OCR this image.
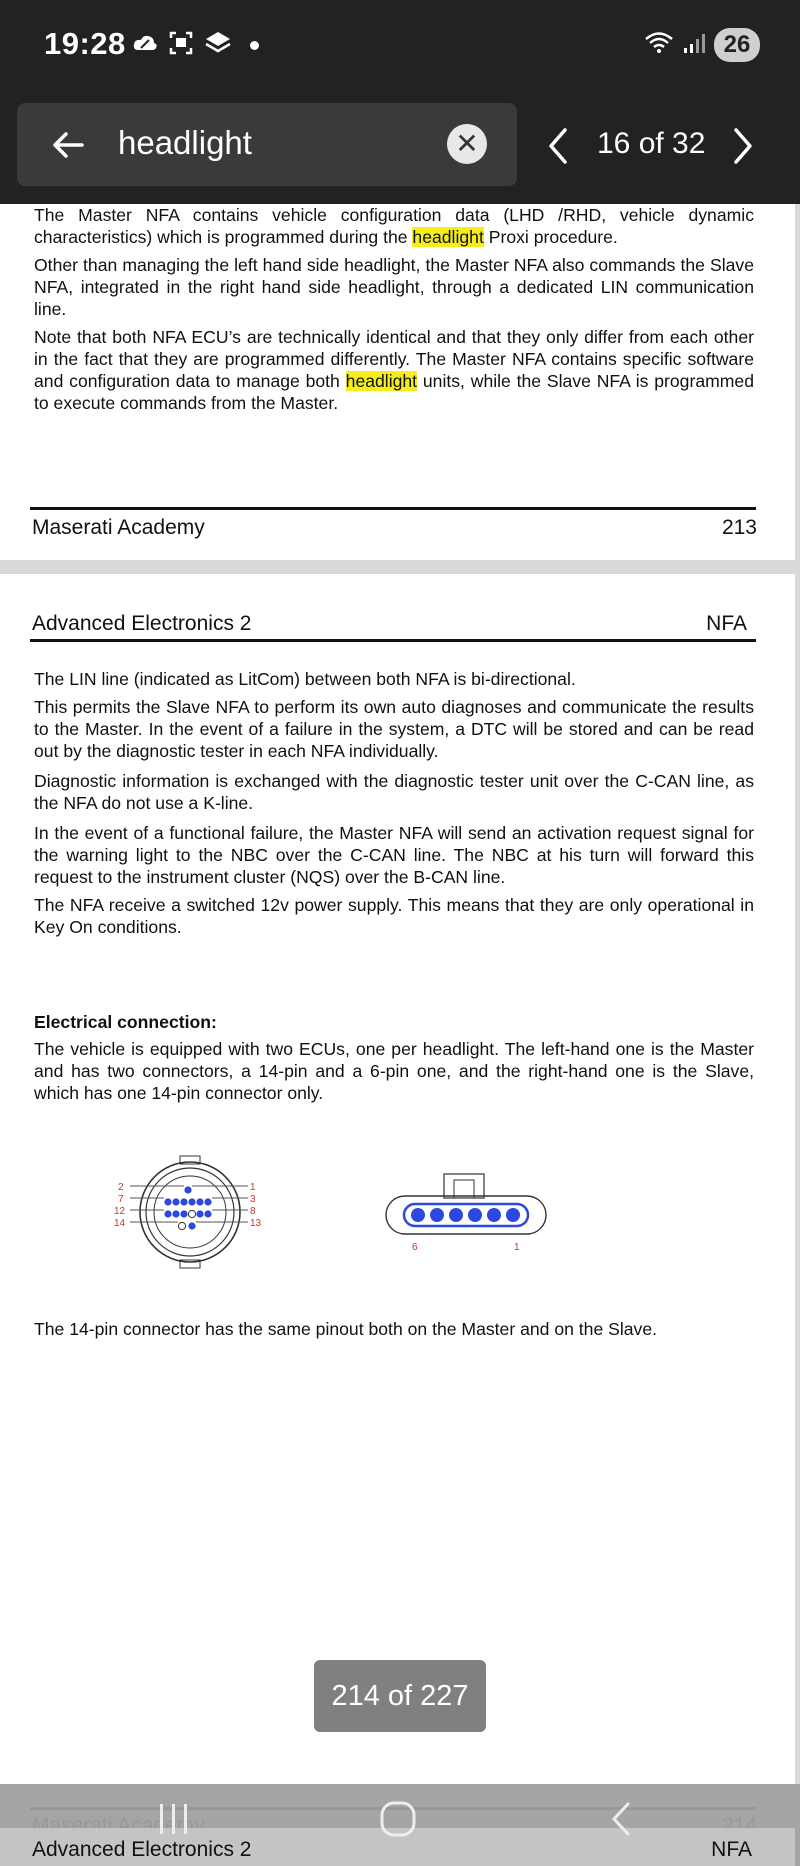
19:28	26
headlight	✕	16 of 32

The Master NFA contains vehicle configuration data (LHD /RHD, vehicle dynamic characteristics) which is programmed during the headlight Proxi procedure.

Other than managing the left hand side headlight, the Master NFA also commands the Slave NFA, integrated in the right hand side headlight, through a dedicated LIN communication line.

Note that both NFA ECU’s are technically identical and that they only differ from each other in the fact that they are programmed differently. The Master NFA contains specific software and configuration data to manage both headlight units, while the Slave NFA is programmed to execute commands from the Master.

Maserati Academy	213
Advanced Electronics 2	NFA

The LIN line (indicated as LitCom) between both NFA is bi-directional.

This permits the Slave NFA to perform its own auto diagnoses and communicate the results to the Master. In the event of a failure in the system, a DTC will be stored and can be read out by the diagnostic tester in each NFA individually.

Diagnostic information is exchanged with the diagnostic tester unit over the C-CAN line, as the NFA do not use a K-line.

In the event of a functional failure, the Master NFA will send an activation request signal for the warning light to the NBC over the C-CAN line. The NBC at his turn will forward this request to the instrument cluster (NQS) over the B-CAN line.

The NFA receive a switched 12v power supply. This means that they are only operational in Key On conditions.

Electrical connection:

The vehicle is equipped with two ECUs, one per headlight. The left-hand one is the Master and has two connectors, a 14-pin and a 6-pin one, and the right-hand one is the Slave, which has one 14-pin connector only.

2
7
12
14
1
3
8
13
6	1

The 14-pin connector has the same pinout both on the Master and on the Slave.

214 of 227
Advanced Electronics 2	NFA
